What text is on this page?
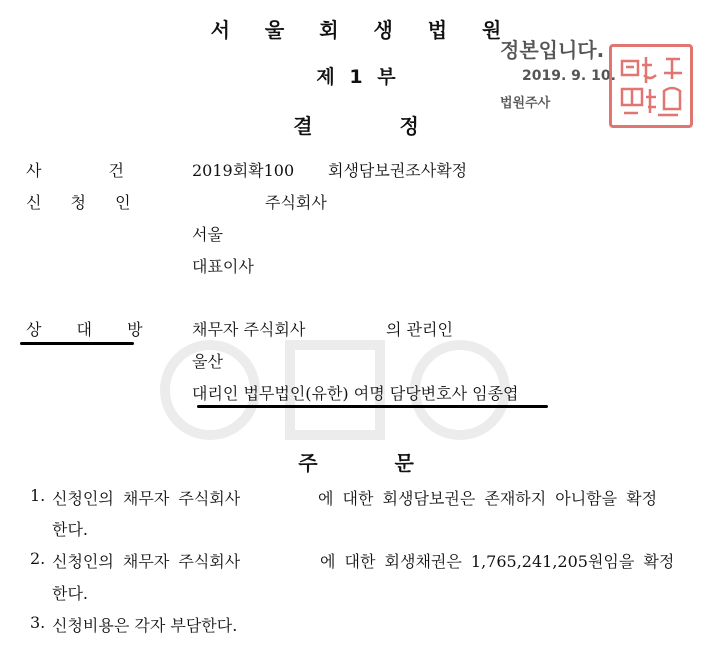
서 울 회 생 법 원
제 1 부
결 정
정본입니다.
2019. 9. 10.
법원주사
사 건	2019회확100 회생담보권조사확정
신 청 인	주식회사
서울
대표이사
상 대 방	채무자 주식회사	의 관리인
울산
대리인 법무법인(유한) 여명 담당변호사 임종엽
주 문
1. 신청인의 채무자 주식회사	에 대한 회생담보권은 존재하지 아니함을 확정
한다.
2. 신청인의 채무자 주식회사	에 대한 회생채권은 1,765,241,205원임을 확정
한다.
3. 신청비용은 각자 부담한다.
